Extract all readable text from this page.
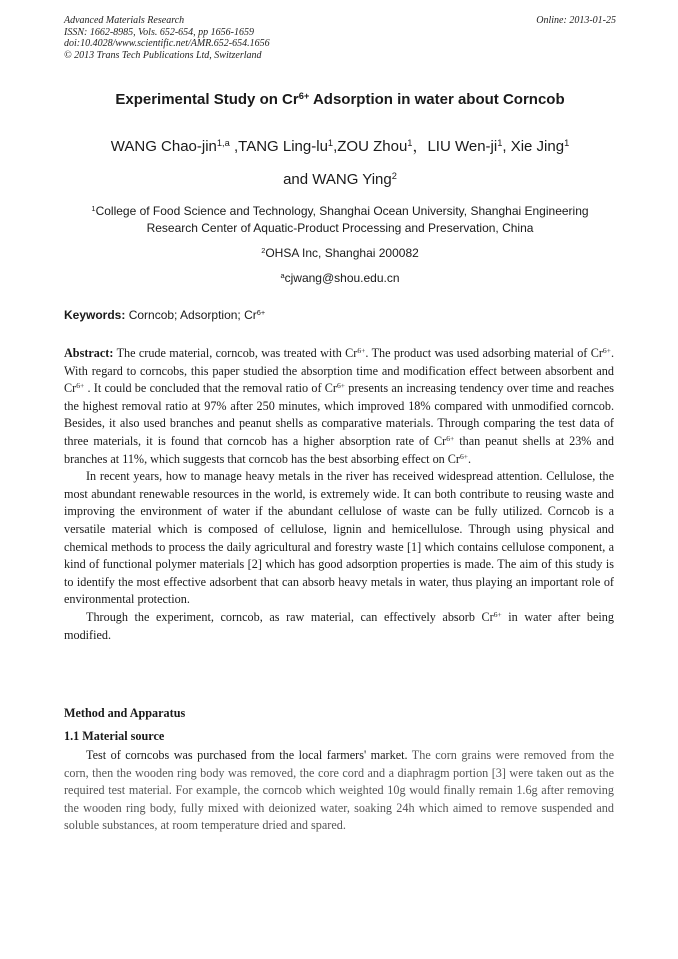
Advanced Materials Research
ISSN: 1662-8985, Vols. 652-654, pp 1656-1659
doi:10.4028/www.scientific.net/AMR.652-654.1656
© 2013 Trans Tech Publications Ltd, Switzerland
Online: 2013-01-25
Experimental Study on $Cr^{6+}$ Adsorption in water about Corncob
WANG Chao-jin$^{1,a}$ ,TANG Ling-$lu^1,ZOU$ Zhou$^1$，LIU Wen-$ji^1$, Xie Jing$^1$
and WANG Ying$^2$
$^1$College of Food Science and Technology, Shanghai Ocean University, Shanghai Engineering
Research Center of Aquatic-Product Processing and Preservation, China
$^2$OHSA Inc, Shanghai 200082
$^a$cjwang@shou.edu.cn
Keywords: Corncob; Adsorption; $Cr^{6+}$

Abstract: The crude material, corncob, was treated with $Cr^{6+}$. The product was used adsorbing material of $Cr^{6+}$. With regard to corncobs, this paper studied the absorption time and modification effect between absorbent and $Cr^{6+}$ . It could be concluded that the removal ratio of $Cr^{6+}$ presents an increasing tendency over time and reaches the highest removal ratio at 97% after 250 minutes, which improved 18% compared with unmodified corncob. Besides, it also used branches and peanut shells as comparative materials. Through comparing the test data of three materials, it is found that corncob has a higher absorption rate of $Cr^{6+}$ than peanut shells at 23% and branches at 11%, which suggests that corncob has the best absorbing effect on $Cr^{6+}$.

In recent years, how to manage heavy metals in the river has received widespread attention. Cellulose, the most abundant renewable resources in the world, is extremely wide. It can both contribute to reusing waste and improving the environment of water if the abundant cellulose of waste can be fully utilized. Corncob is a versatile material which is composed of cellulose, lignin and hemicellulose. Through using physical and chemical methods to process the daily agricultural and forestry waste [1] which contains cellulose component, a kind of functional polymer materials [2] which has good adsorption properties is made. The aim of this study is to identify the most effective adsorbent that can absorb heavy metals in water, thus playing an important role of environmental protection.

Through the experiment, corncob, as raw material, can effectively absorb $Cr^{6+}$ in water after being modified.

Method and Apparatus
1.1 Material source

Test of corncobs was purchased from the local farmers' market. The corn grains were removed from the corn, then the wooden ring body was removed, the core cord and a diaphragm portion [3] were taken out as the required test material. For example, the corncob which weighted 10g would finally remain 1.6g after removing the wooden ring body, fully mixed with deionized water, soaking 24h which aimed to remove suspended and soluble substances, at room temperature dried and spared.
